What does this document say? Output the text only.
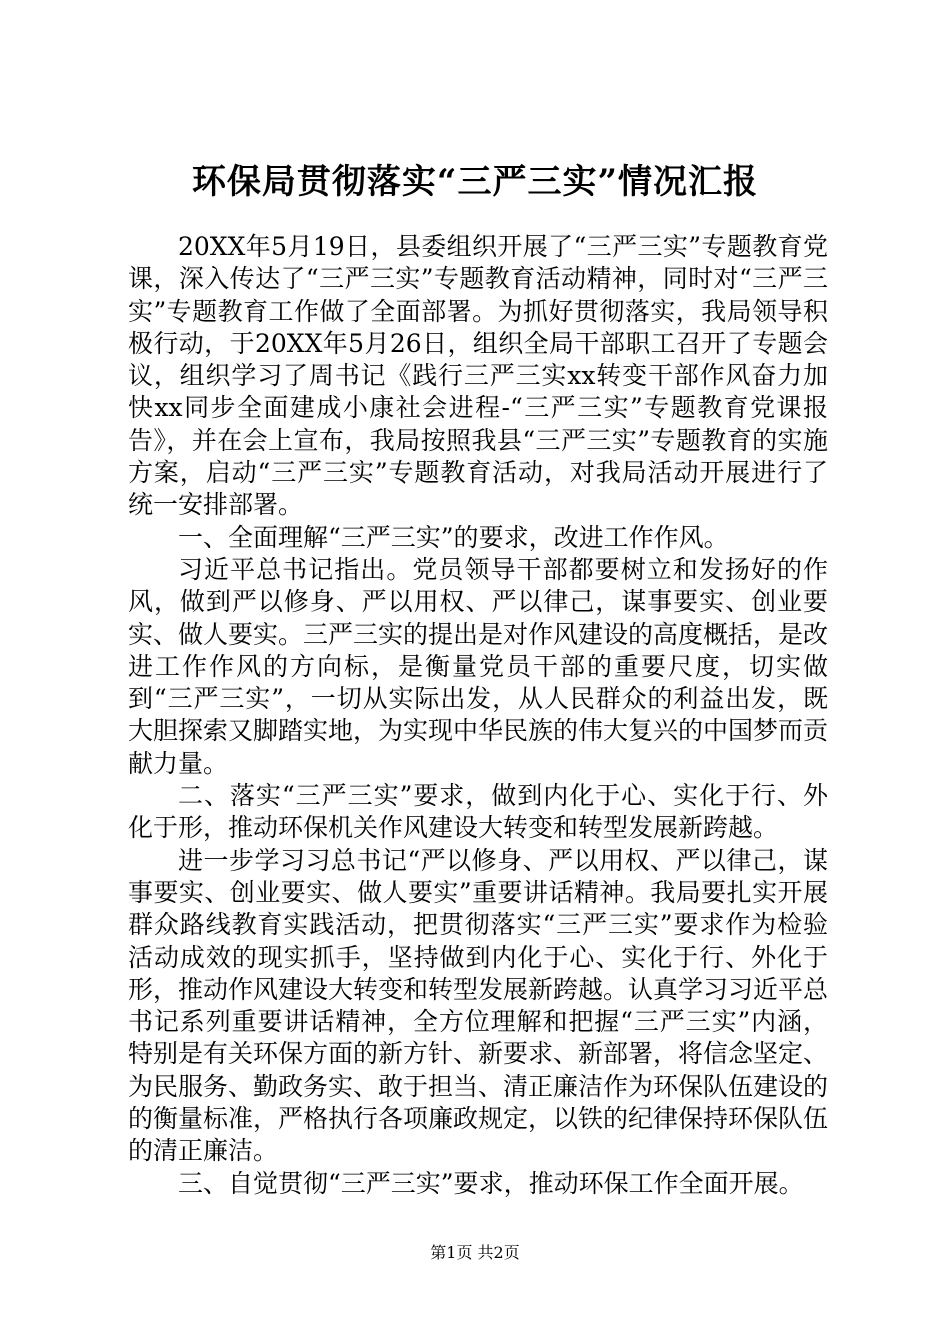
环保局贯彻落实“三严三实”情况汇报

20XX年5月19日，县委组织开展了“三严三实”专题教育党课，深入传达了“三严三实”专题教育活动精神，同时对“三严三实”专题教育工作做了全面部署。为抓好贯彻落实，我局领导积极行动，于20XX年5月26日，组织全局干部职工召开了专题会议，组织学习了周书记《践行三严三实xx转变干部作风奋力加快xx同步全面建成小康社会进程-“三严三实”专题教育党课报告》，并在会上宣布，我局按照我县“三严三实”专题教育的实施方案，启动“三严三实”专题教育活动，对我局活动开展进行了统一安排部署。

一、全面理解“三严三实”的要求，改进工作作风。

习近平总书记指出。党员领导干部都要树立和发扬好的作风，做到严以修身、严以用权、严以律己，谋事要实、创业要实、做人要实。三严三实的提出是对作风建设的高度概括，是改进工作作风的方向标，是衡量党员干部的重要尺度，切实做到“三严三实”，一切从实际出发，从人民群众的利益出发，既大胆探索又脚踏实地，为实现中华民族的伟大复兴的中国梦而贡献力量。

二、落实“三严三实”要求，做到内化于心、实化于行、外化于形，推动环保机关作风建设大转变和转型发展新跨越。

进一步学习习总书记“严以修身、严以用权、严以律己，谋事要实、创业要实、做人要实”重要讲话精神。我局要扎实开展群众路线教育实践活动，把贯彻落实“三严三实”要求作为检验活动成效的现实抓手，坚持做到内化于心、实化于行、外化于形，推动作风建设大转变和转型发展新跨越。认真学习习近平总书记系列重要讲话精神，全方位理解和把握“三严三实”内涵，特别是有关环保方面的新方针、新要求、新部署，将信念坚定、为民服务、勤政务实、敢于担当、清正廉洁作为环保队伍建设的的衡量标准，严格执行各项廉政规定，以铁的纪律保持环保队伍的清正廉洁。

三、自觉贯彻“三严三实”要求，推动环保工作全面开展。

第1页 共2页
